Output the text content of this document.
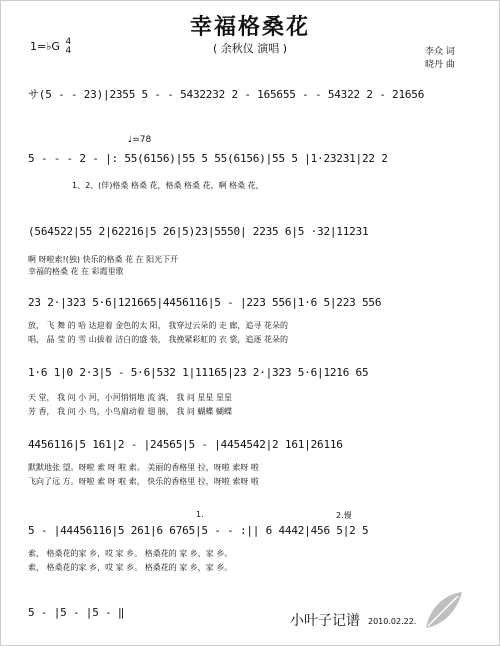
幸福格桑花
( 余秋仪 演唱 )	李众 词
晓丹 曲
1=♭G 4
4
♩=78
サ(5 - - 23)|2355 5 - - 5432232 2 - 165655 - - 54322 2 - 21656
5 - - - 2 - |: 55(6156)|55 5 55(6156)|55 5 |1·23231|22 2
1、2、(伴)格桑 格桑 花，格桑 格桑 花，啊 格桑 花，
(564522|55 2|62216|5 26|5)23|5550| 2235 6|5 ·32|11231
啊 呀啦索!(独) 快乐的格桑 花 在 阳光下开
幸福的格桑 花 在 彩霞里歌
23 2·|323 5·6|121665|4456116|5 - |223 556|1·6 5|223 556
放， 飞 舞 的 哈 达迎着 金色的太 阳， 我穿过云朵的 走 廊，追寻 花朵的
唱， 晶 莹 的 雪 山拔着 洁白的盛 装， 我挽紧彩虹的 衣 裳，追逐 花朵的
1·6 1|0 2·3|5 - 5·6|532 1|11165|23 2·|323 5·6|1216 65
天 堂， 我 问 小 河，小河悄悄地 流 淌， 我 问 星星 星星
芳 香， 我 问 小 鸟，小鸟扇动着 翅 膀， 我 问 蝴蝶 蝴蝶
4456116|5 161|2 - |24565|5 - |4454542|2 161|26116
默默地张 望。呀啦 索 呀 啦 索。 美丽的香格里 拉，呀啦 索呀 啦
飞向了远 方。呀啦 索 呀 啦 索， 快乐的香格里 拉，呀啦 索呀 啦
1.	2.慢
5 - |44456116|5 261|6 6765|5 - - :|| 6 4442|456 5|2 5
索， 格桑花的家 乡，哎 家 乡。 格桑花的 家 乡，家 乡。
索， 格桑花的家 乡，哎 家 乡。 格桑花的 家 乡，家 乡。
5 - |5 - |5 - ‖
小叶子记谱 2010.02.22.
